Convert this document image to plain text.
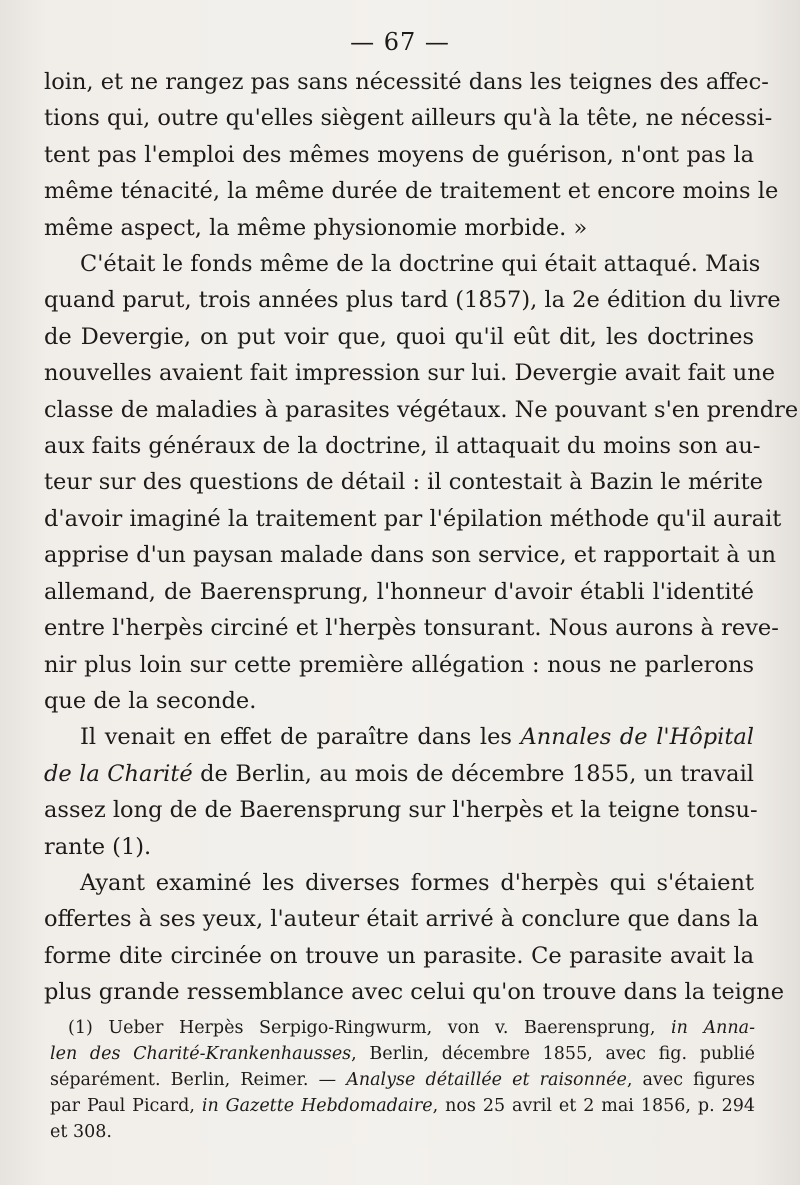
— 67 —
loin, et ne rangez pas sans nécessité dans les teignes des affec-
tions qui, outre qu'elles siègent ailleurs qu'à la tête, ne nécessi-
tent pas l'emploi des mêmes moyens de guérison, n'ont pas la
même ténacité, la même durée de traitement et encore moins le
même aspect, la même physionomie morbide. »
C'était le fonds même de la doctrine qui était attaqué. Mais
quand parut, trois années plus tard (1857), la 2e édition du livre
de Devergie, on put voir que, quoi qu'il eût dit, les doctrines
nouvelles avaient fait impression sur lui. Devergie avait fait une
classe de maladies à parasites végétaux. Ne pouvant s'en prendre
aux faits généraux de la doctrine, il attaquait du moins son au-
teur sur des questions de détail : il contestait à Bazin le mérite
d'avoir imaginé la traitement par l'épilation méthode qu'il aurait
apprise d'un paysan malade dans son service, et rapportait à un
allemand, de Baerensprung, l'honneur d'avoir établi l'identité
entre l'herpès circiné et l'herpès tonsurant. Nous aurons à reve-
nir plus loin sur cette première allégation : nous ne parlerons
que de la seconde.
Il venait en effet de paraître dans les Annales de l'Hôpital
de la Charité de Berlin, au mois de décembre 1855, un travail
assez long de de Baerensprung sur l'herpès et la teigne tonsu-
rante (1).
Ayant examiné les diverses formes d'herpès qui s'étaient
offertes à ses yeux, l'auteur était arrivé à conclure que dans la
forme dite circinée on trouve un parasite. Ce parasite avait la
plus grande ressemblance avec celui qu'on trouve dans la teigne
(1) Ueber Herpès Serpigo-Ringwurm, von v. Baerensprung, in Anna-
len des Charité-Krankenhausses, Berlin, décembre 1855, avec fig. publié
séparément. Berlin, Reimer. — Analyse détaillée et raisonnée, avec figures
par Paul Picard, in Gazette Hebdomadaire, nos 25 avril et 2 mai 1856, p. 294
et 308.
